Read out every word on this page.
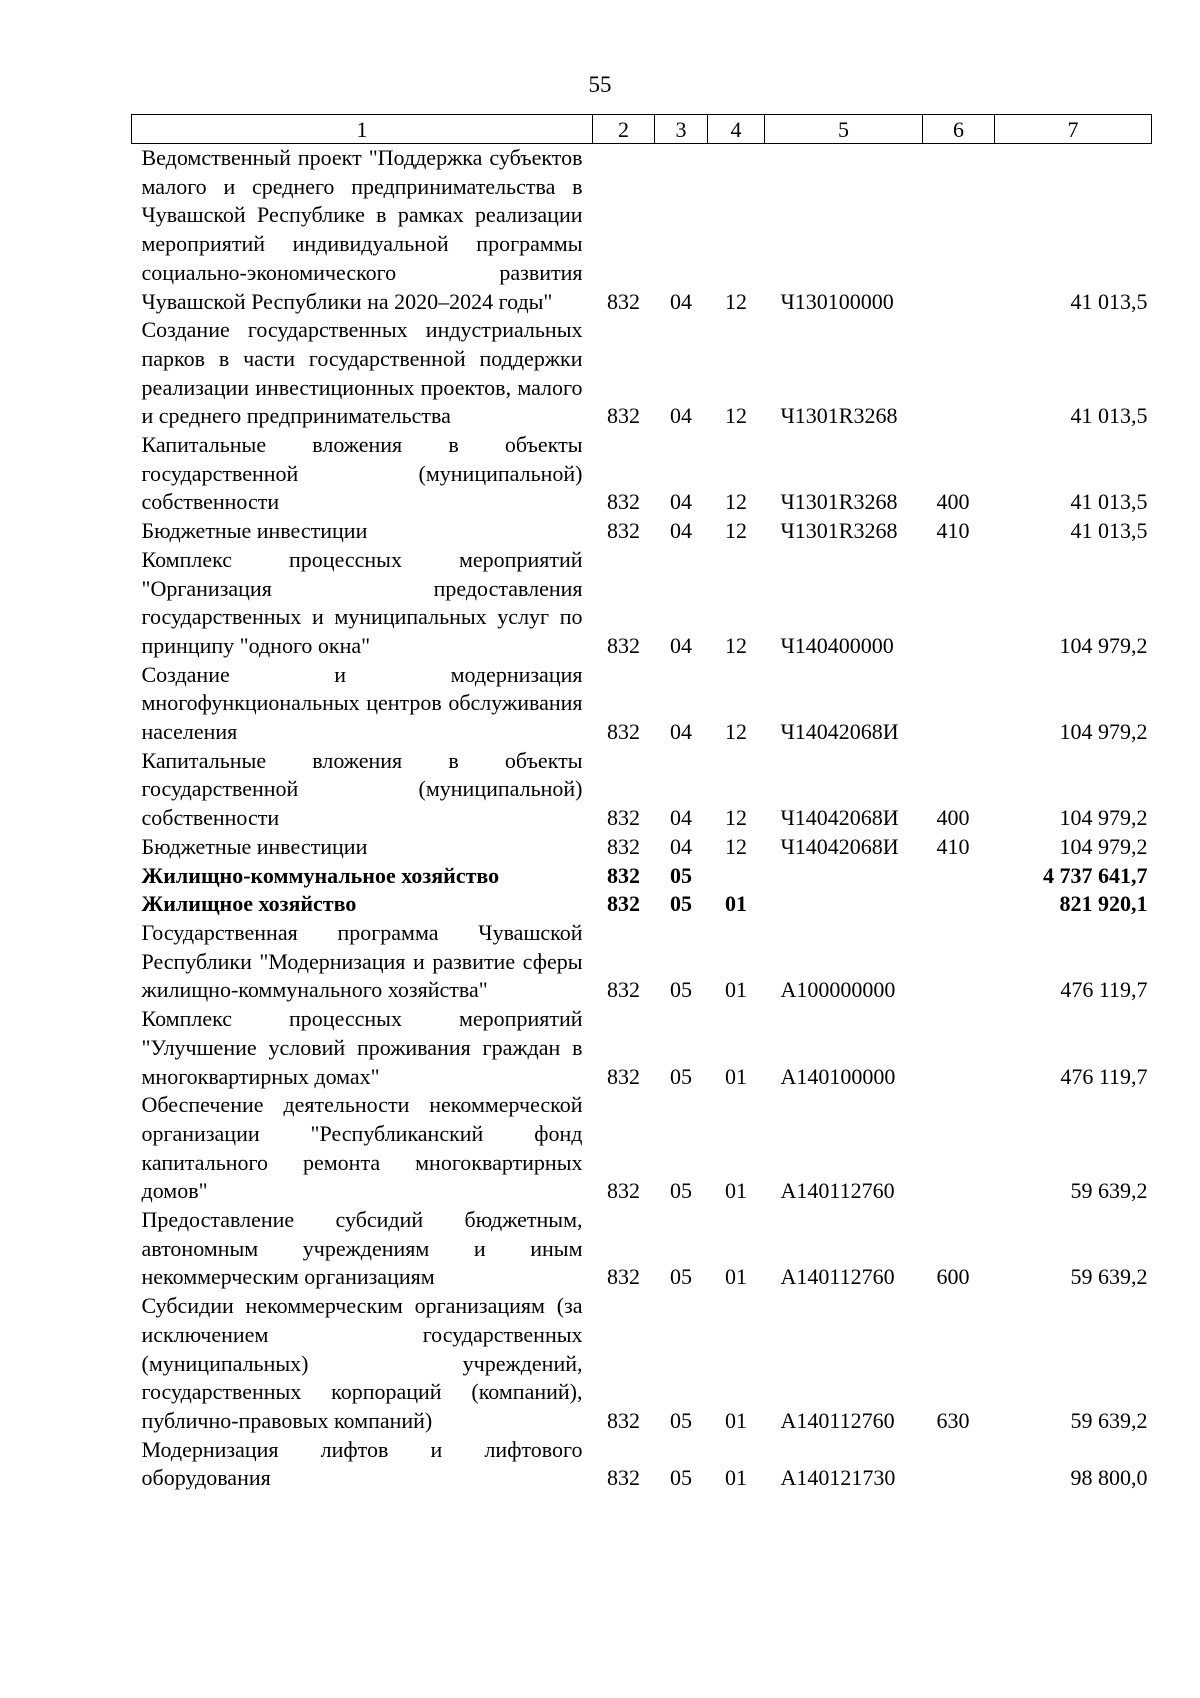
55
1	2	3	4	5	6	7
Ведомственный проект "Поддержка субъектов малого и среднего предпринимательства в Чувашской Республике в рамках реализации мероприятий индивидуальной программы социально-экономического развития Чувашской Республики на 2020–2024 годы"	832	04	12	Ч130100000		41 013,5
Создание государственных индустриальных парков в части государственной поддержки реализации инвестиционных проектов, малого и среднего предпринимательства	832	04	12	Ч1301R3268		41 013,5
Капитальные вложения в объекты государственной (муниципальной) собственности	832	04	12	Ч1301R3268	400	41 013,5
Бюджетные инвестиции	832	04	12	Ч1301R3268	410	41 013,5
Комплекс процессных мероприятий "Организация предоставления государственных и муниципальных услуг по принципу "одного окна"	832	04	12	Ч140400000		104 979,2
Создание и модернизация многофункциональных центров обслуживания населения	832	04	12	Ч14042068И		104 979,2
Капитальные вложения в объекты государственной (муниципальной) собственности	832	04	12	Ч14042068И	400	104 979,2
Бюджетные инвестиции	832	04	12	Ч14042068И	410	104 979,2
Жилищно-коммунальное хозяйство	832	05				4 737 641,7
Жилищное хозяйство	832	05	01			821 920,1
Государственная программа Чувашской Республики "Модернизация и развитие сферы жилищно-коммунального хозяйства"	832	05	01	А100000000		476 119,7
Комплекс процессных мероприятий "Улучшение условий проживания граждан в многоквартирных домах"	832	05	01	А140100000		476 119,7
Обеспечение деятельности некоммерческой организации "Республиканский фонд капитального ремонта многоквартирных домов"	832	05	01	А140112760		59 639,2
Предоставление субсидий бюджетным, автономным учреждениям и иным некоммерческим организациям	832	05	01	А140112760	600	59 639,2
Субсидии некоммерческим организациям (за исключением государственных (муниципальных) учреждений, государственных корпораций (компаний), публично-правовых компаний)	832	05	01	А140112760	630	59 639,2
Модернизация лифтов и лифтового оборудования	832	05	01	А140121730		98 800,0
